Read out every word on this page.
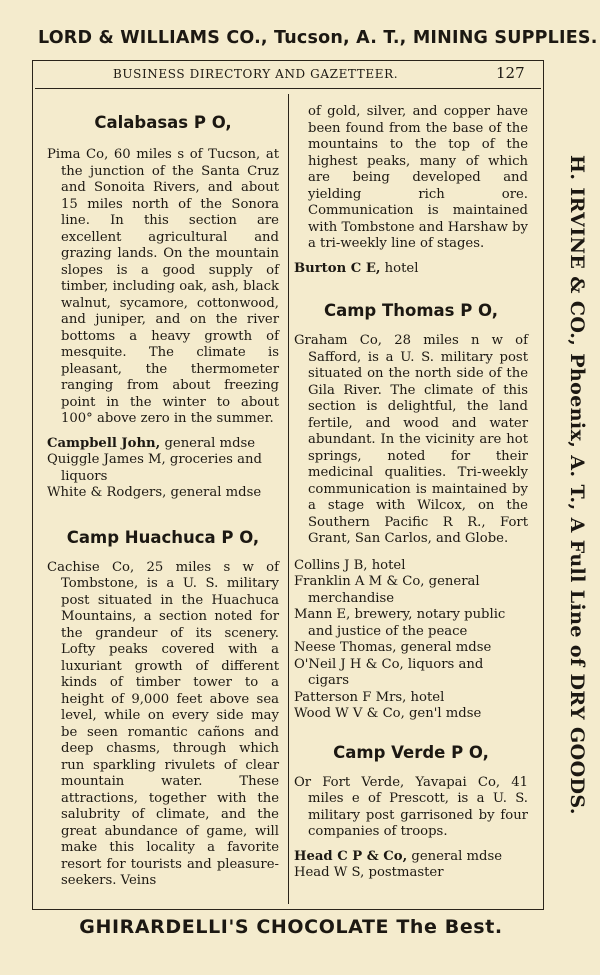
LORD & WILLIAMS CO., Tucson, A. T., MINING SUPPLIES.
BUSINESS DIRECTORY AND GAZETTEER.	127
H. IRVINE & CO., Phoenix, A. T., A Full Line of DRY GOODS.
Calabasas P O,

Pima Co, 60 miles s of Tucson, at the junction of the Santa Cruz and Sonoita Rivers, and about 15 miles north of the Sonora line. In this section are excellent agricultural and grazing lands. On the mountain slopes is a good supply of timber, including oak, ash, black walnut, sycamore, cottonwood, and juniper, and on the river bottoms a heavy growth of mesquite. The climate is pleasant, the thermometer ranging from about freezing point in the winter to about 100° above zero in the summer.

Campbell John, general mdse

Quiggle James M, groceries and liquors

White & Rodgers, general mdse

Camp Huachuca P O,

Cachise Co, 25 miles s w of Tombstone, is a U. S. military post situated in the Huachuca Mountains, a section noted for the grandeur of its scenery. Lofty peaks covered with a luxuriant growth of different kinds of timber tower to a height of 9,000 feet above sea level, while on every side may be seen romantic cañons and deep chasms, through which run sparkling rivulets of clear mountain water. These attractions, together with the salubrity of climate, and the great abundance of game, will make this locality a favorite resort for tourists and pleasure-seekers. Veins

of gold, silver, and copper have been found from the base of the mountains to the top of the highest peaks, many of which are being developed and yielding rich ore. Communication is maintained with Tombstone and Harshaw by a tri-weekly line of stages.

Burton C E, hotel

Camp Thomas P O,

Graham Co, 28 miles n w of Safford, is a U. S. military post situated on the north side of the Gila River. The climate of this section is delightful, the land fertile, and wood and water abundant. In the vicinity are hot springs, noted for their medicinal qualities. Tri-weekly communication is maintained by a stage with Wilcox, on the Southern Pacific R R., Fort Grant, San Carlos, and Globe.

Collins J B, hotel

Franklin A M & Co, general merchandise

Mann E, brewery, notary public and justice of the peace

Neese Thomas, general mdse

O'Neil J H & Co, liquors and cigars

Patterson F Mrs, hotel

Wood W V & Co, gen'l mdse

Camp Verde P O,

Or Fort Verde, Yavapai Co, 41 miles e of Prescott, is a U. S. military post garrisoned by four companies of troops.

Head C P & Co, general mdse

Head W S, postmaster

GHIRARDELLI'S CHOCOLATE The Best.
